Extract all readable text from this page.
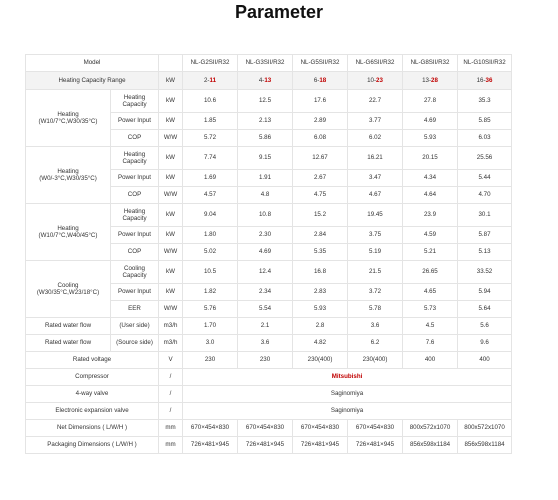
Parameter
Model			NL-G2SII/R32	NL-G3SII/R32	NL-G5SII/R32	NL-G6SII/R32	NL-G8SII/R32	NL-G10SII/R32
Heating Capacity Range		kW	2-11	4-13	6-18	10-23	13-28	16-36

Heating
(W10/7°C,W30/35°C)	Heating Capacity	kW	10.6	12.5	17.6	22.7	27.8	35.3
	Power Input	kW	1.85	2.13	2.89	3.77	4.69	5.85
	COP	W/W	5.72	5.86	6.08	6.02	5.93	6.03

Heating
(W0/-3°C,W30/35°C)	Heating Capacity	kW	7.74	9.15	12.67	16.21	20.15	25.56
	Power Input	kW	1.69	1.91	2.67	3.47	4.34	5.44
	COP	W/W	4.57	4.8	4.75	4.67	4.64	4.70

Heating
(W10/7°C,W40/45°C)	Heating Capacity	kW	9.04	10.8	15.2	19.45	23.9	30.1
	Power Input	kW	1.80	2.30	2.84	3.75	4.59	5.87
	COP	W/W	5.02	4.69	5.35	5.19	5.21	5.13

Cooling
(W30/35°C,W23/18°C)	Cooling Capacity	kW	10.5	12.4	16.8	21.5	26.65	33.52
	Power Input	kW	1.82	2.34	2.83	3.72	4.65	5.94
	EER	W/W	5.76	5.54	5.93	5.78	5.73	5.64
Rated water flow	(User side)	m3/h	1.70	2.1	2.8	3.6	4.5	5.6
Rated water flow	(Source side)	m3/h	3.0	3.6	4.82	6.2	7.6	9.6
Rated voltage		V	230	230	230(400)	230(400)	400	400
Compressor		/	Mitsubishi					
4-way valve		/	Saginomiya					
Electronic expansion valve		/	Saginomiya					
Net Dimensions ( L/W/H )		mm	670×454×830	670×454×830	670×454×830	670×454×830	800x572x1070	800x572x1070
Packaging Dimensions ( L/W/H )		mm	726×481×945	726×481×945	726×481×945	726×481×945	856x598x1184	856x598x1184
